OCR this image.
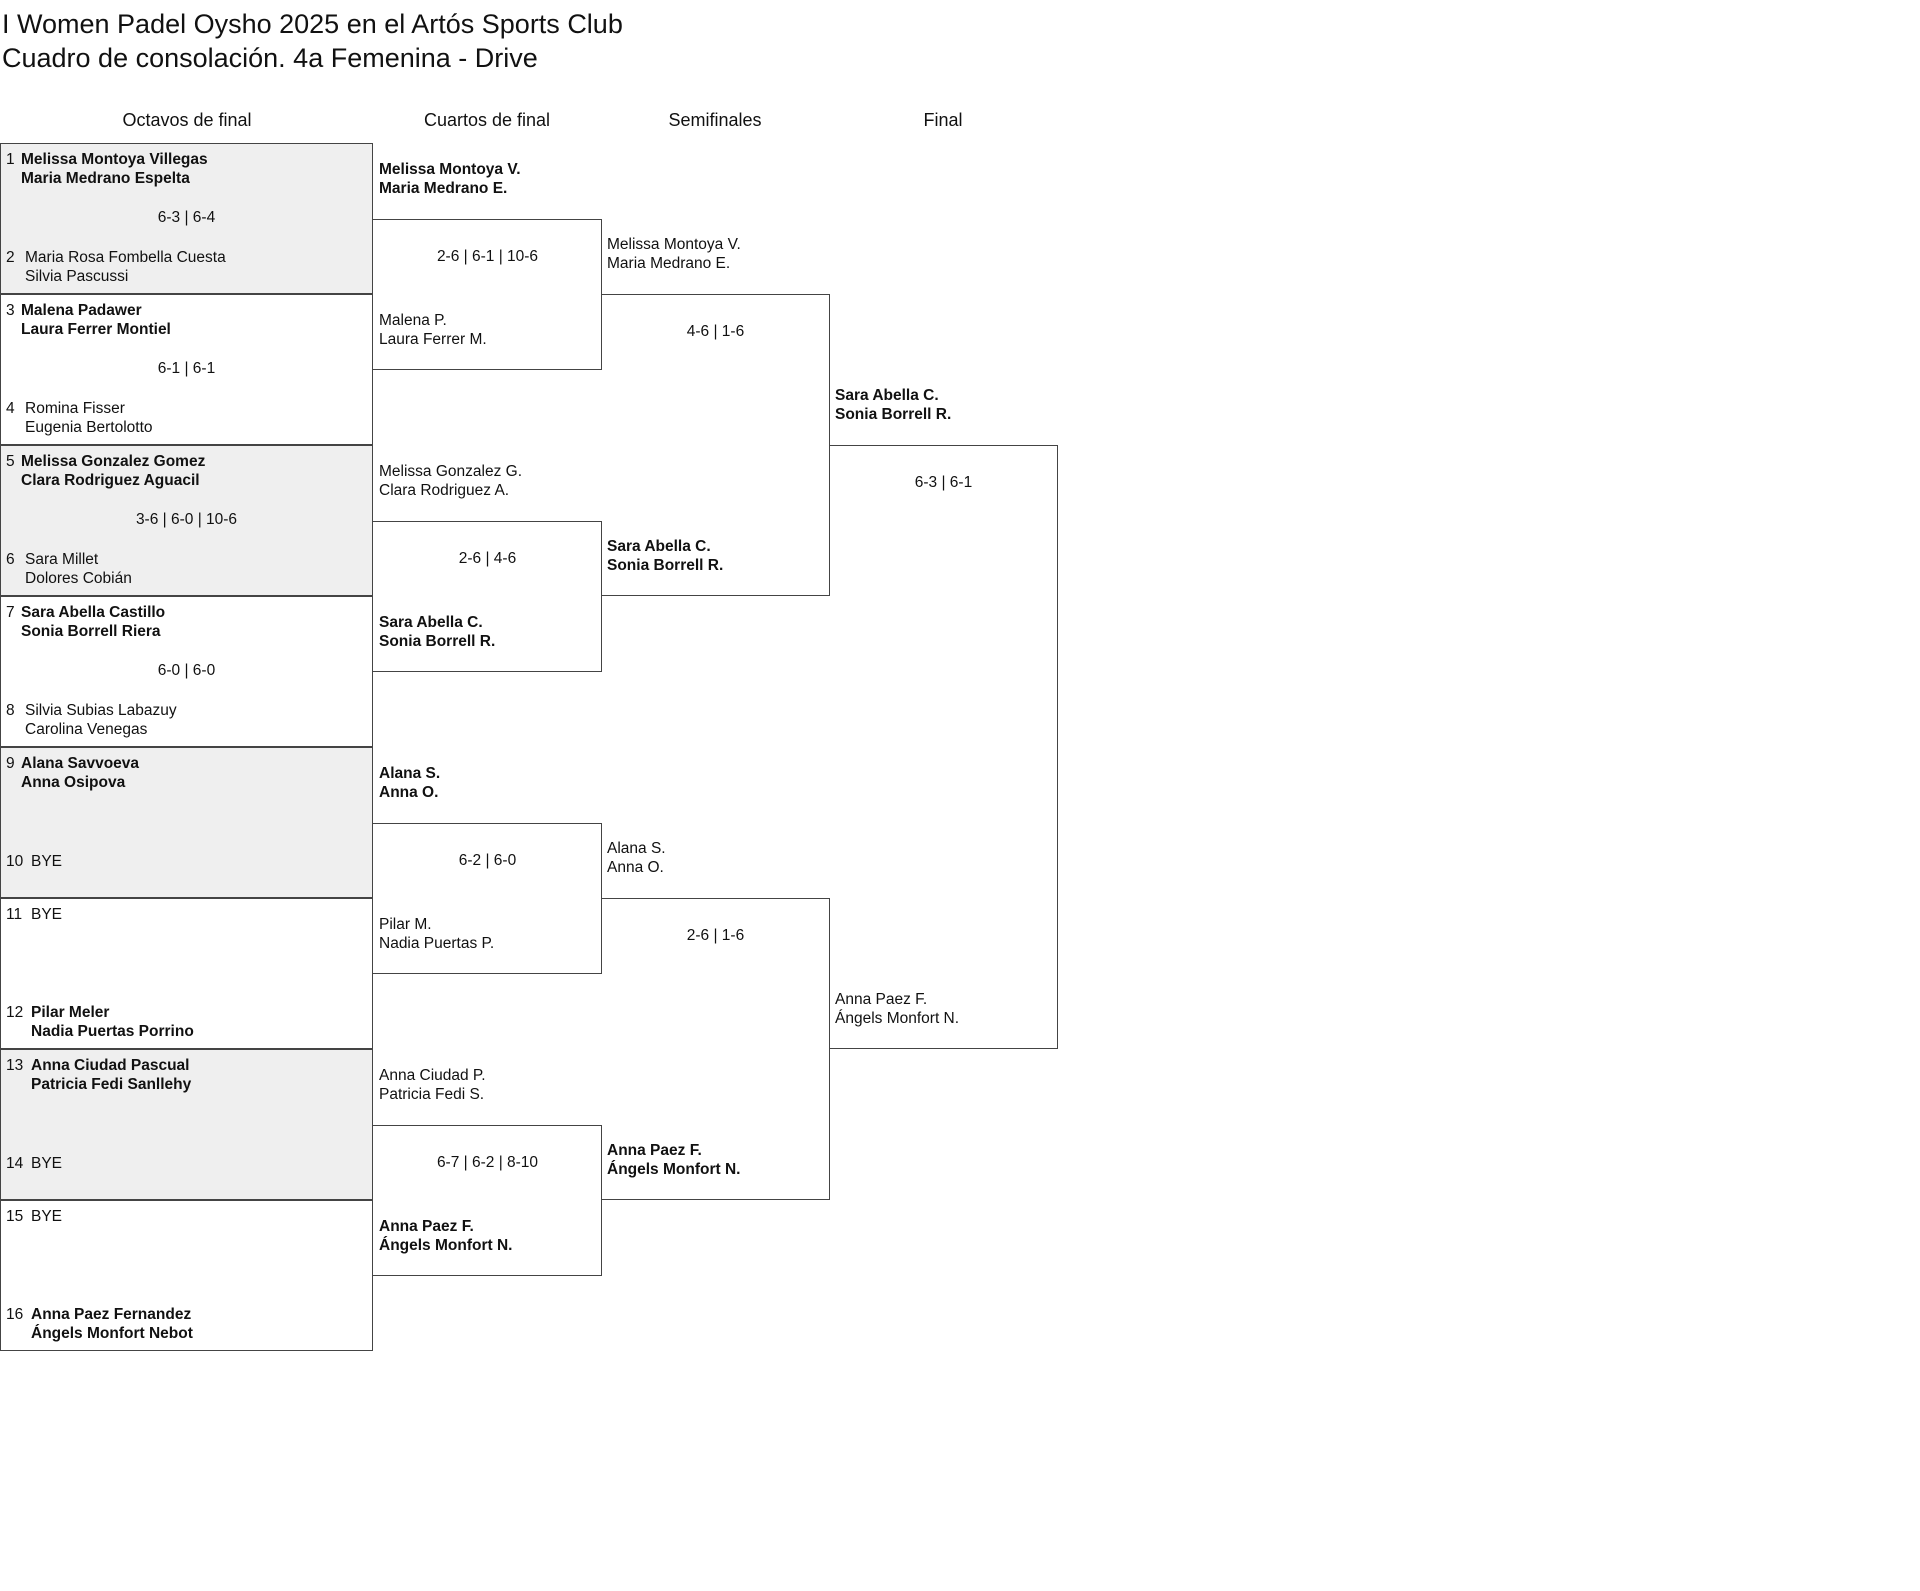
I Women Padel Oysho 2025 en el Artós Sports Club
Cuadro de consolación. 4a Femenina - Drive
Octavos de final	Cuartos de final	Semifinales	Final
1
2
Melissa Montoya Villegas
Maria Medrano Espelta
Maria Rosa Fombella Cuesta
Silvia Pascussi
6-3 | 6-4
3
4
Malena Padawer
Laura Ferrer Montiel
Romina Fisser
Eugenia Bertolotto
6-1 | 6-1
5
6
Melissa Gonzalez Gomez
Clara Rodriguez Aguacil
Sara Millet
Dolores Cobián
3-6 | 6-0 | 10-6
7
8
Sara Abella Castillo
Sonia Borrell Riera
Silvia Subias Labazuy
Carolina Venegas
6-0 | 6-0
9
10
Alana Savvoeva
Anna Osipova
BYE
11
12
BYE
Pilar Meler
Nadia Puertas Porrino
13
14
Anna Ciudad Pascual
Patricia Fedi Sanllehy
BYE
15
16
BYE
Anna Paez Fernandez
Ángels Monfort Nebot
Melissa Montoya V.
Maria Medrano E.
Malena P.
Laura Ferrer M.
2-6 | 6-1 | 10-6
Melissa Gonzalez G.
Clara Rodriguez A.
Sara Abella C.
Sonia Borrell R.
2-6 | 4-6
Alana S.
Anna O.
Pilar M.
Nadia Puertas P.
6-2 | 6-0
Anna Ciudad P.
Patricia Fedi S.
Anna Paez F.
Ángels Monfort N.
6-7 | 6-2 | 8-10
Melissa Montoya V.
Maria Medrano E.
Sara Abella C.
Sonia Borrell R.
4-6 | 1-6
Alana S.
Anna O.
Anna Paez F.
Ángels Monfort N.
2-6 | 1-6
Sara Abella C.
Sonia Borrell R.
Anna Paez F.
Ángels Monfort N.
6-3 | 6-1
